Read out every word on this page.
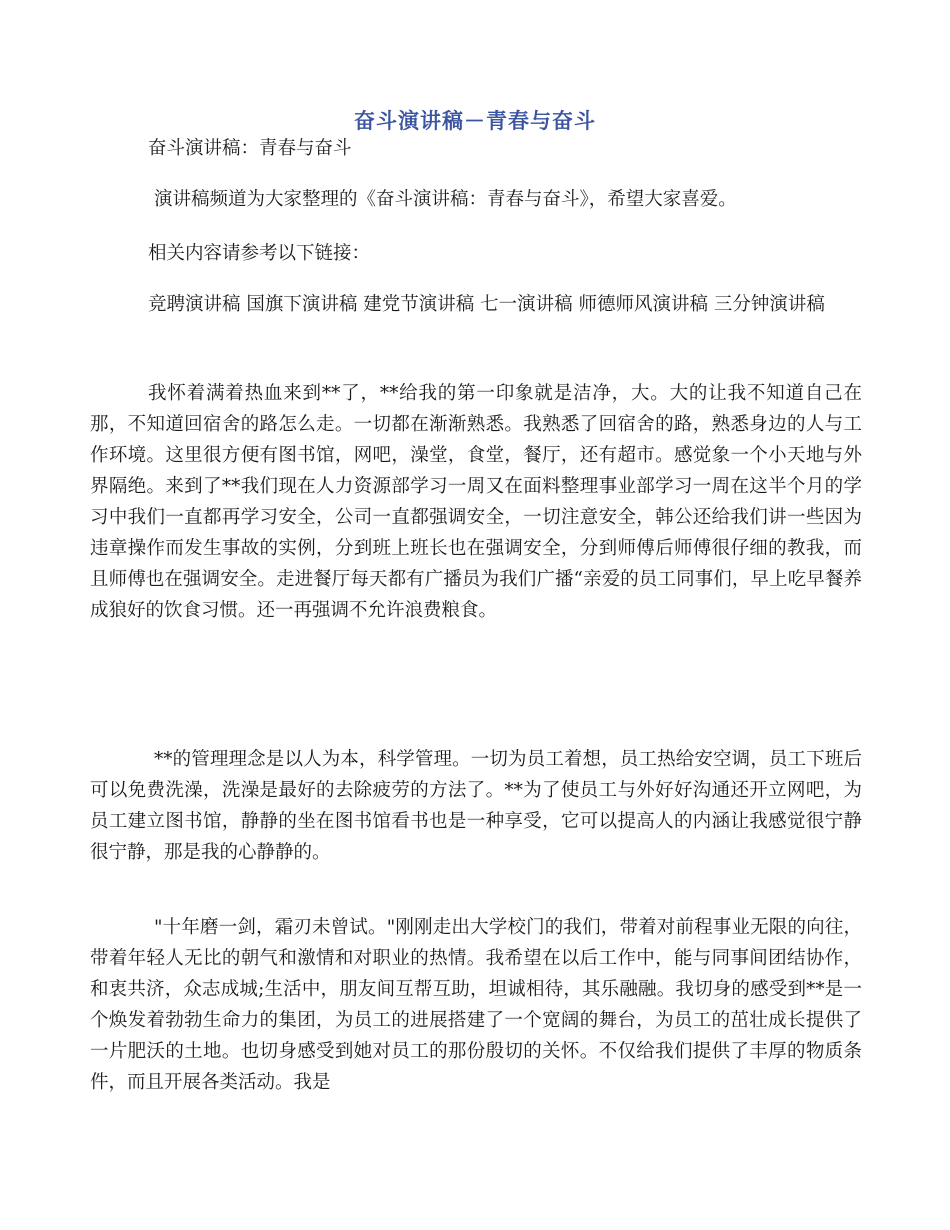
奋斗演讲稿－青春与奋斗
奋斗演讲稿：青春与奋斗

演讲稿频道为大家整理的《奋斗演讲稿：青春与奋斗》，希望大家喜爱。

相关内容请参考以下链接：

竞聘演讲稿 国旗下演讲稿 建党节演讲稿 七一演讲稿 师德师风演讲稿 三分钟演讲稿

我怀着满着热血来到**了，**给我的第一印象就是洁净，大。大的让我不知道自己在那，不知道回宿舍的路怎么走。一切都在渐渐熟悉。我熟悉了回宿舍的路，熟悉身边的人与工作环境。这里很方便有图书馆，网吧，澡堂，食堂，餐厅，还有超市。感觉象一个小天地与外界隔绝。来到了**我们现在人力资源部学习一周又在面料整理事业部学习一周在这半个月的学习中我们一直都再学习安全，公司一直都强调安全，一切注意安全，韩公还给我们讲一些因为违章操作而发生事故的实例，分到班上班长也在强调安全，分到师傅后师傅很仔细的教我，而且师傅也在强调安全。走进餐厅每天都有广播员为我们广播“亲爱的员工同事们，早上吃早餐养成狼好的饮食习惯。还一再强调不允许浪费粮食。

**的管理理念是以人为本，科学管理。一切为员工着想，员工热给安空调，员工下班后可以免费洗澡，洗澡是最好的去除疲劳的方法了。**为了使员工与外好好沟通还开立网吧，为员工建立图书馆，静静的坐在图书馆看书也是一种享受，它可以提高人的内涵让我感觉很宁静很宁静，那是我的心静静的。

"十年磨一剑，霜刃未曾试。"刚刚走出大学校门的我们，带着对前程事业无限的向往，带着年轻人无比的朝气和激情和对职业的热情。我希望在以后工作中，能与同事间团结协作，和衷共济，众志成城;生活中，朋友间互帮互助，坦诚相待，其乐融融。我切身的感受到**是一个焕发着勃勃生命力的集团，为员工的进展搭建了一个宽阔的舞台，为员工的茁壮成长提供了一片肥沃的土地。也切身感受到她对员工的那份殷切的关怀。不仅给我们提供了丰厚的物质条件，而且开展各类活动。我是
